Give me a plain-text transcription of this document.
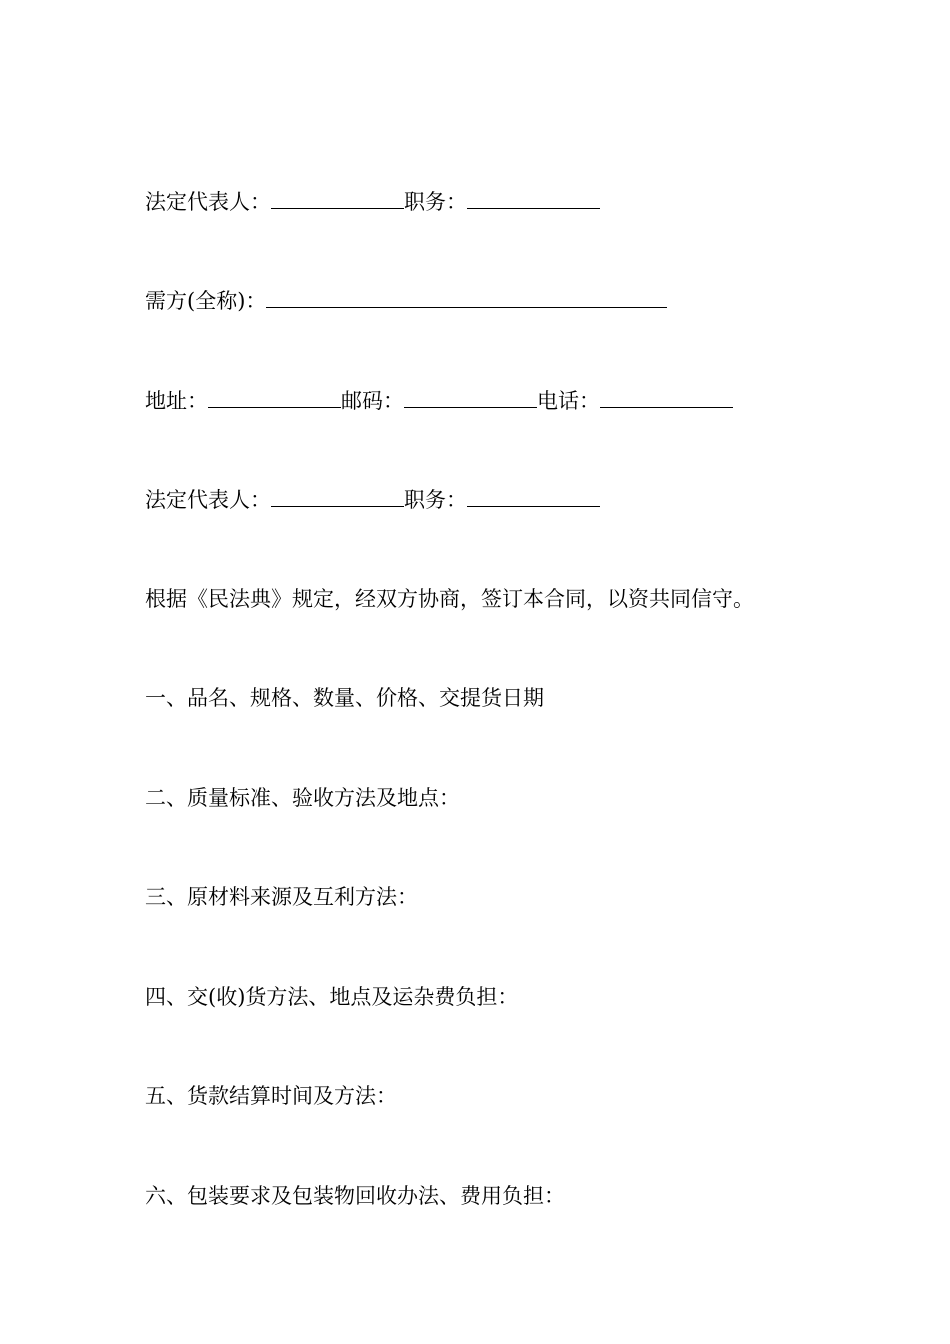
法定代表人：	职务：
需方(全称)：
地址：	邮码：	电话：
法定代表人：	职务：
根据《民法典》规定，经双方协商，签订本合同，以资共同信守。
一、品名、规格、数量、价格、交提货日期
二、质量标准、验收方法及地点：
三、原材料来源及互利方法：
四、交(收)货方法、地点及运杂费负担：
五、货款结算时间及方法：
六、包装要求及包装物回收办法、费用负担：
